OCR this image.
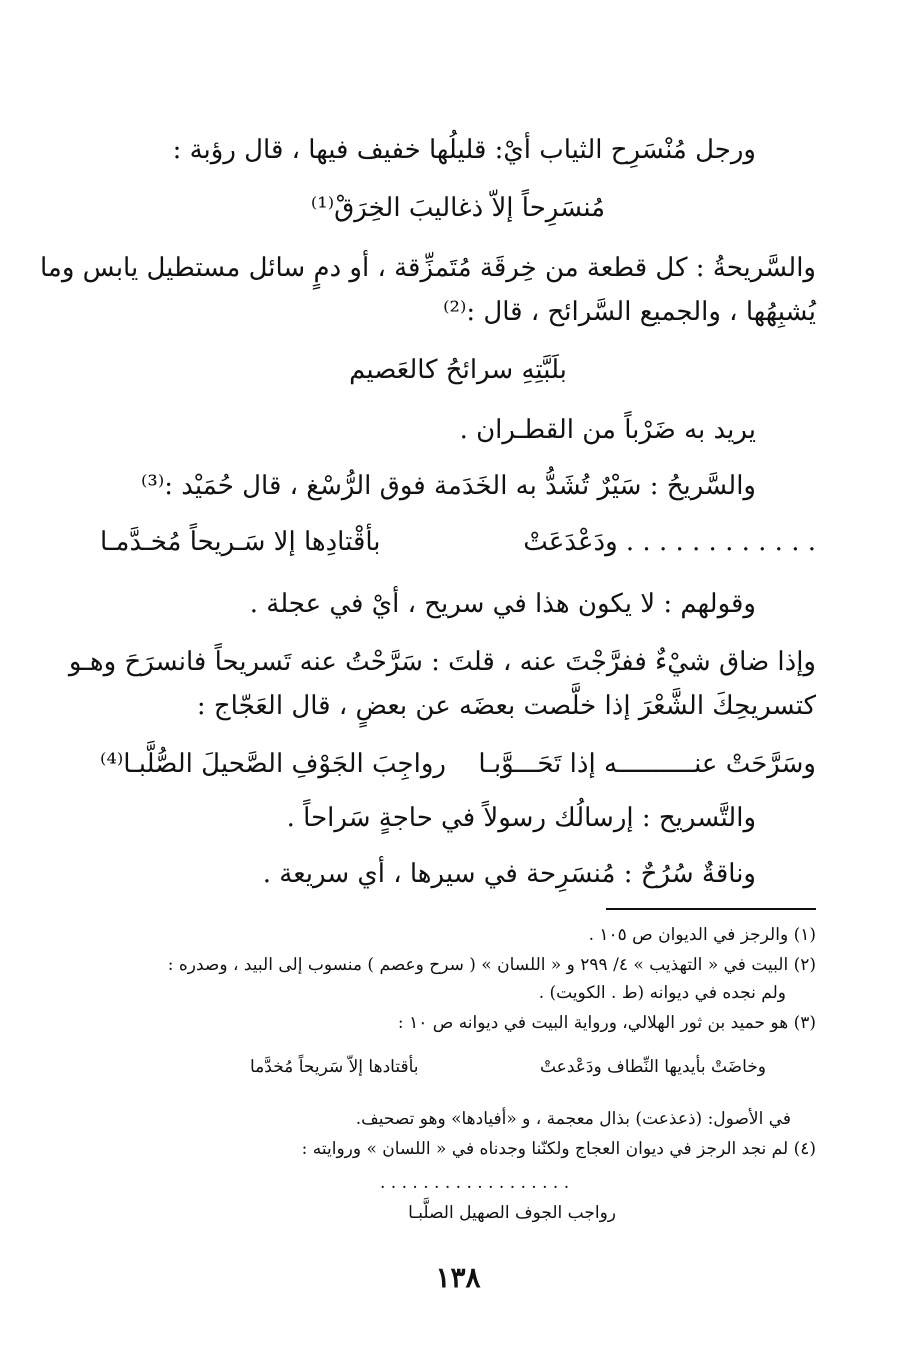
ورجل مُنْسَرِح الثياب أيْ: قليلُها خفيف فيها ، قال رؤبة :
مُنسَرِحاً إلاّ ذغاليبَ الخِرَقْ⁽¹⁾
والسَّريحةُ : كل قطعة من خِرقَة مُتَمزِّقة ، أو دمٍ سائل مستطيل يابس وما
يُشبِهُها ، والجميع السَّرائح ، قال :⁽²⁾
بلَبَّتِهِ سرائحُ كالعَصيم
يريد به ضَرْباً من القطـران .
والسَّريحُ : سَيْرٌ تُشَدُّ به الخَدَمة فوق الرُّسْغ ، قال حُمَيْد :⁽³⁾
. . . . . . . . . . . . ودَعْدَعَتْ
بأقْتادِها إلا سَـريحاً مُخـدَّمـا
وقولهم : لا يكون هذا في سريح ، أيْ في عجلة .
وإذا ضاق شيْءٌ ففرَّجْتَ عنه ، قلتَ : سَرَّحْتُ عنه تَسريحاً فانسرَحَ وهـو
كتسريحِكَ الشَّعْرَ إذا خلَّصت بعضَه عن بعضٍ ، قال العَجّاج :
وسَرَّحَتْ عنــــــــــه إذا تَحَـــوَّبـا
رواجِبَ الجَوْفِ الصَّحيلَ الصُّلَّبـا⁽⁴⁾
والتَّسريح : إرسالُك رسولاً في حاجةٍ سَراحاً .
وناقةٌ سُرُحٌ : مُنسَرِحة في سيرها ، أي سريعة .
(١) والرجز في الديوان ص ١٠٥ .
(٢) البيت في « التهذيب » ٤/ ٢٩٩ و « اللسان » ( سرح وعصم ) منسوب إلى البيد ، وصدره :
ولم نجده في ديوانه (ط . الكويت) .
(٣) هو حميد بن ثور الهلالي، ورواية البيت في ديوانه ص ١٠ :
وخاضَتْ بأيديها النِّطاف ودَعْدعتْ
بأقتادها إلاّ سَريحاً مُخدَّما
في الأصول: (ذعذعت) بذال معجمة ، و «أفيادها» وهو تصحيف.
(٤) لم نجد الرجز في ديوان العجاج ولكنّنا وجدناه في « اللسان » وروايته :
. . . . . . . . . . . . . . . . . .
رواجب الجوف الصهيل الصلَّبـا
١٣٨
